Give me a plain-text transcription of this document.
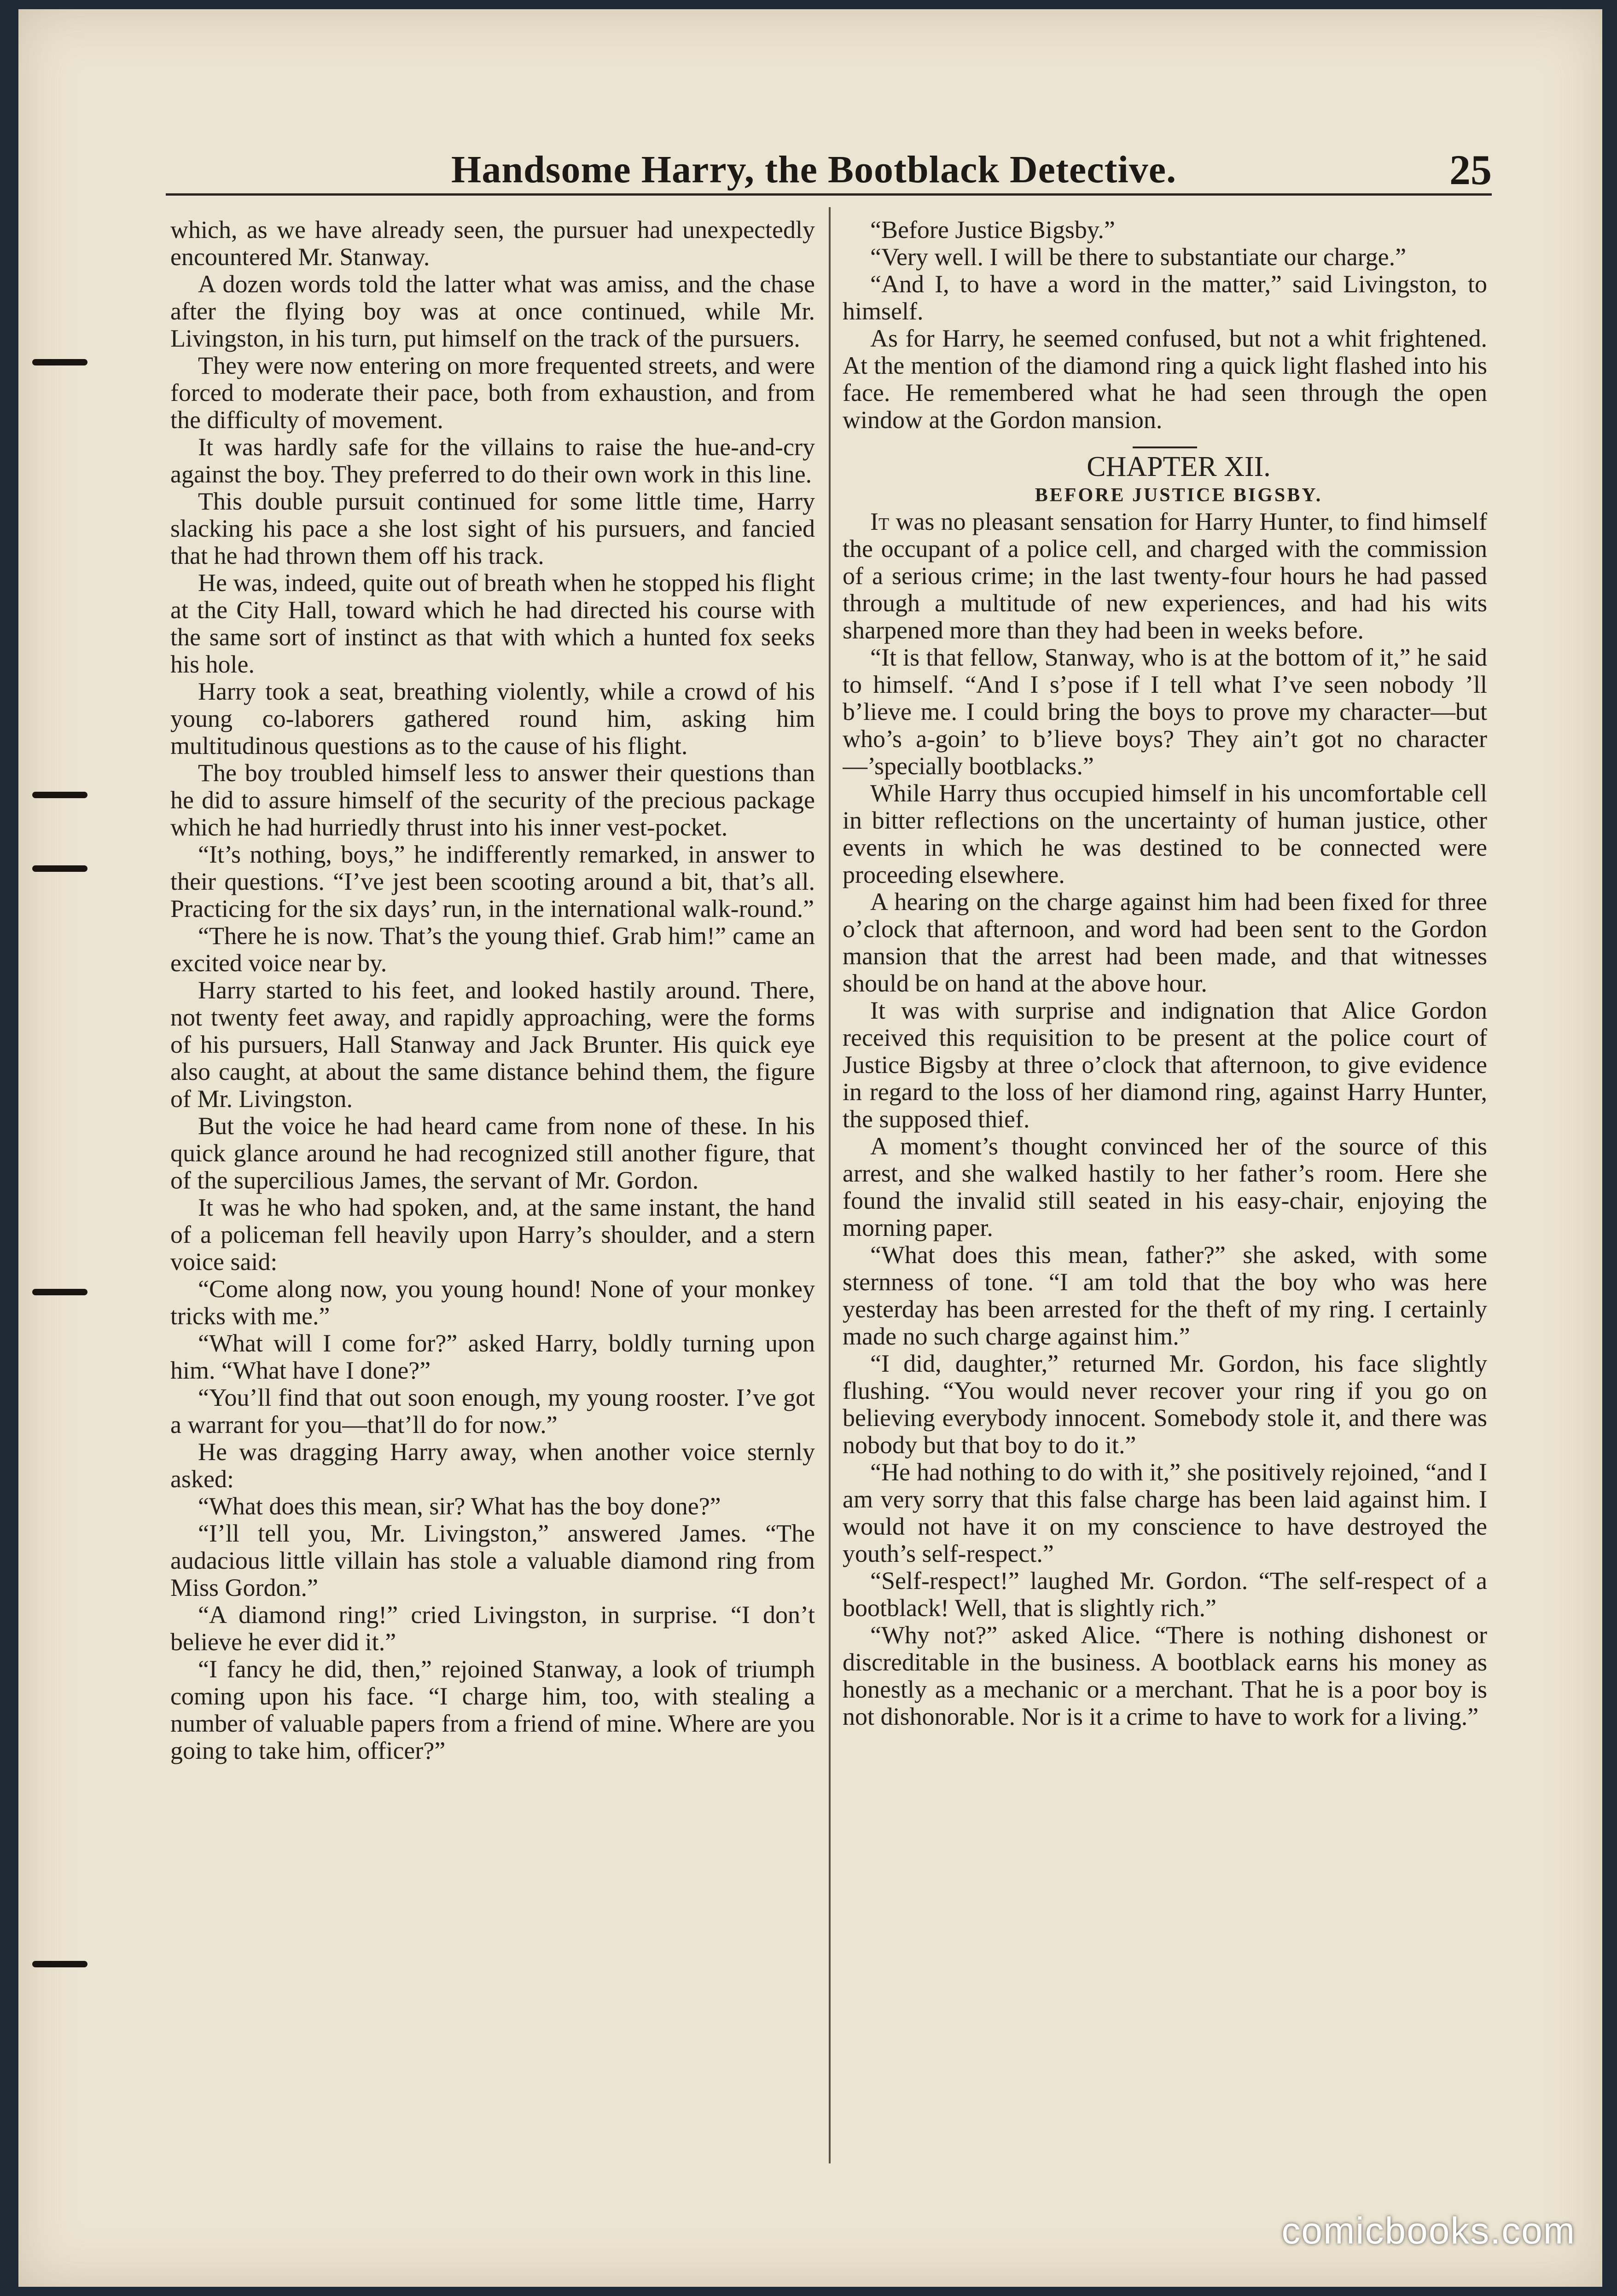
Handsome Harry, the Bootblack Detective.	25

which, as we have already seen, the pursuer had unexpectedly encountered Mr. Stanway.

A dozen words told the latter what was amiss, and the chase after the flying boy was at once continued, while Mr. Livingston, in his turn, put himself on the track of the pursuers.

They were now entering on more frequented streets, and were forced to moderate their pace, both from exhaustion, and from the difficulty of movement.

It was hardly safe for the villains to raise the hue-and-cry against the boy. They preferred to do their own work in this line.

This double pursuit continued for some little time, Harry slacking his pace a she lost sight of his pursuers, and fancied that he had thrown them off his track.

He was, indeed, quite out of breath when he stopped his flight at the City Hall, toward which he had directed his course with the same sort of instinct as that with which a hunted fox seeks his hole.

Harry took a seat, breathing violently, while a crowd of his young co-laborers gathered round him, asking him multitudinous questions as to the cause of his flight.

The boy troubled himself less to answer their questions than he did to assure himself of the security of the precious package which he had hurriedly thrust into his inner vest-pocket.

“It’s nothing, boys,” he indifferently remarked, in answer to their questions. “I’ve jest been scooting around a bit, that’s all. Practicing for the six days’ run, in the international walk-round.”

“There he is now. That’s the young thief. Grab him!” came an excited voice near by.

Harry started to his feet, and looked hastily around. There, not twenty feet away, and rapidly approaching, were the forms of his pursuers, Hall Stanway and Jack Brunter. His quick eye also caught, at about the same distance behind them, the figure of Mr. Livingston.

But the voice he had heard came from none of these. In his quick glance around he had recognized still another figure, that of the supercilious James, the servant of Mr. Gordon.

It was he who had spoken, and, at the same instant, the hand of a policeman fell heavily upon Harry’s shoulder, and a stern voice said:

“Come along now, you young hound! None of your monkey tricks with me.”

“What will I come for?” asked Harry, boldly turning upon him. “What have I done?”

“You’ll find that out soon enough, my young rooster. I’ve got a warrant for you—that’ll do for now.”

He was dragging Harry away, when another voice sternly asked:

“What does this mean, sir? What has the boy done?”

“I’ll tell you, Mr. Livingston,” answered James. “The audacious little villain has stole a valuable diamond ring from Miss Gordon.”

“A diamond ring!” cried Livingston, in surprise. “I don’t believe he ever did it.”

“I fancy he did, then,” rejoined Stanway, a look of triumph coming upon his face. “I charge him, too, with stealing a number of valuable papers from a friend of mine. Where are you going to take him, officer?”

“Before Justice Bigsby.”

“Very well. I will be there to substantiate our charge.”

“And I, to have a word in the matter,” said Livingston, to himself.

As for Harry, he seemed confused, but not a whit frightened. At the mention of the diamond ring a quick light flashed into his face. He remembered what he had seen through the open window at the Gordon mansion.

CHAPTER XII.

BEFORE JUSTICE BIGSBY.

It was no pleasant sensation for Harry Hunter, to find himself the occupant of a police cell, and charged with the commission of a serious crime; in the last twenty-four hours he had passed through a multitude of new experiences, and had his wits sharpened more than they had been in weeks before.

“It is that fellow, Stanway, who is at the bottom of it,” he said to himself. “And I s’pose if I tell what I’ve seen nobody ’ll b’lieve me. I could bring the boys to prove my character—but who’s a-goin’ to b’lieve boys? They ain’t got no character—’specially bootblacks.”

While Harry thus occupied himself in his uncomfortable cell in bitter reflections on the uncertainty of human justice, other events in which he was destined to be connected were proceeding elsewhere.

A hearing on the charge against him had been fixed for three o’clock that afternoon, and word had been sent to the Gordon mansion that the arrest had been made, and that witnesses should be on hand at the above hour.

It was with surprise and indignation that Alice Gordon received this requisition to be present at the police court of Justice Bigsby at three o’clock that afternoon, to give evidence in regard to the loss of her diamond ring, against Harry Hunter, the supposed thief.

A moment’s thought convinced her of the source of this arrest, and she walked hastily to her father’s room. Here she found the invalid still seated in his easy-chair, enjoying the morning paper.

“What does this mean, father?” she asked, with some sternness of tone. “I am told that the boy who was here yesterday has been arrested for the theft of my ring. I certainly made no such charge against him.”

“I did, daughter,” returned Mr. Gordon, his face slightly flushing. “You would never recover your ring if you go on believing everybody innocent. Somebody stole it, and there was nobody but that boy to do it.”

“He had nothing to do with it,” she positively rejoined, “and I am very sorry that this false charge has been laid against him. I would not have it on my conscience to have destroyed the youth’s self-respect.”

“Self-respect!” laughed Mr. Gordon. “The self-respect of a bootblack! Well, that is slightly rich.”

“Why not?” asked Alice. “There is nothing dishonest or discreditable in the business. A bootblack earns his money as honestly as a mechanic or a merchant. That he is a poor boy is not dishonorable. Nor is it a crime to have to work for a living.”

comicbooks.com
